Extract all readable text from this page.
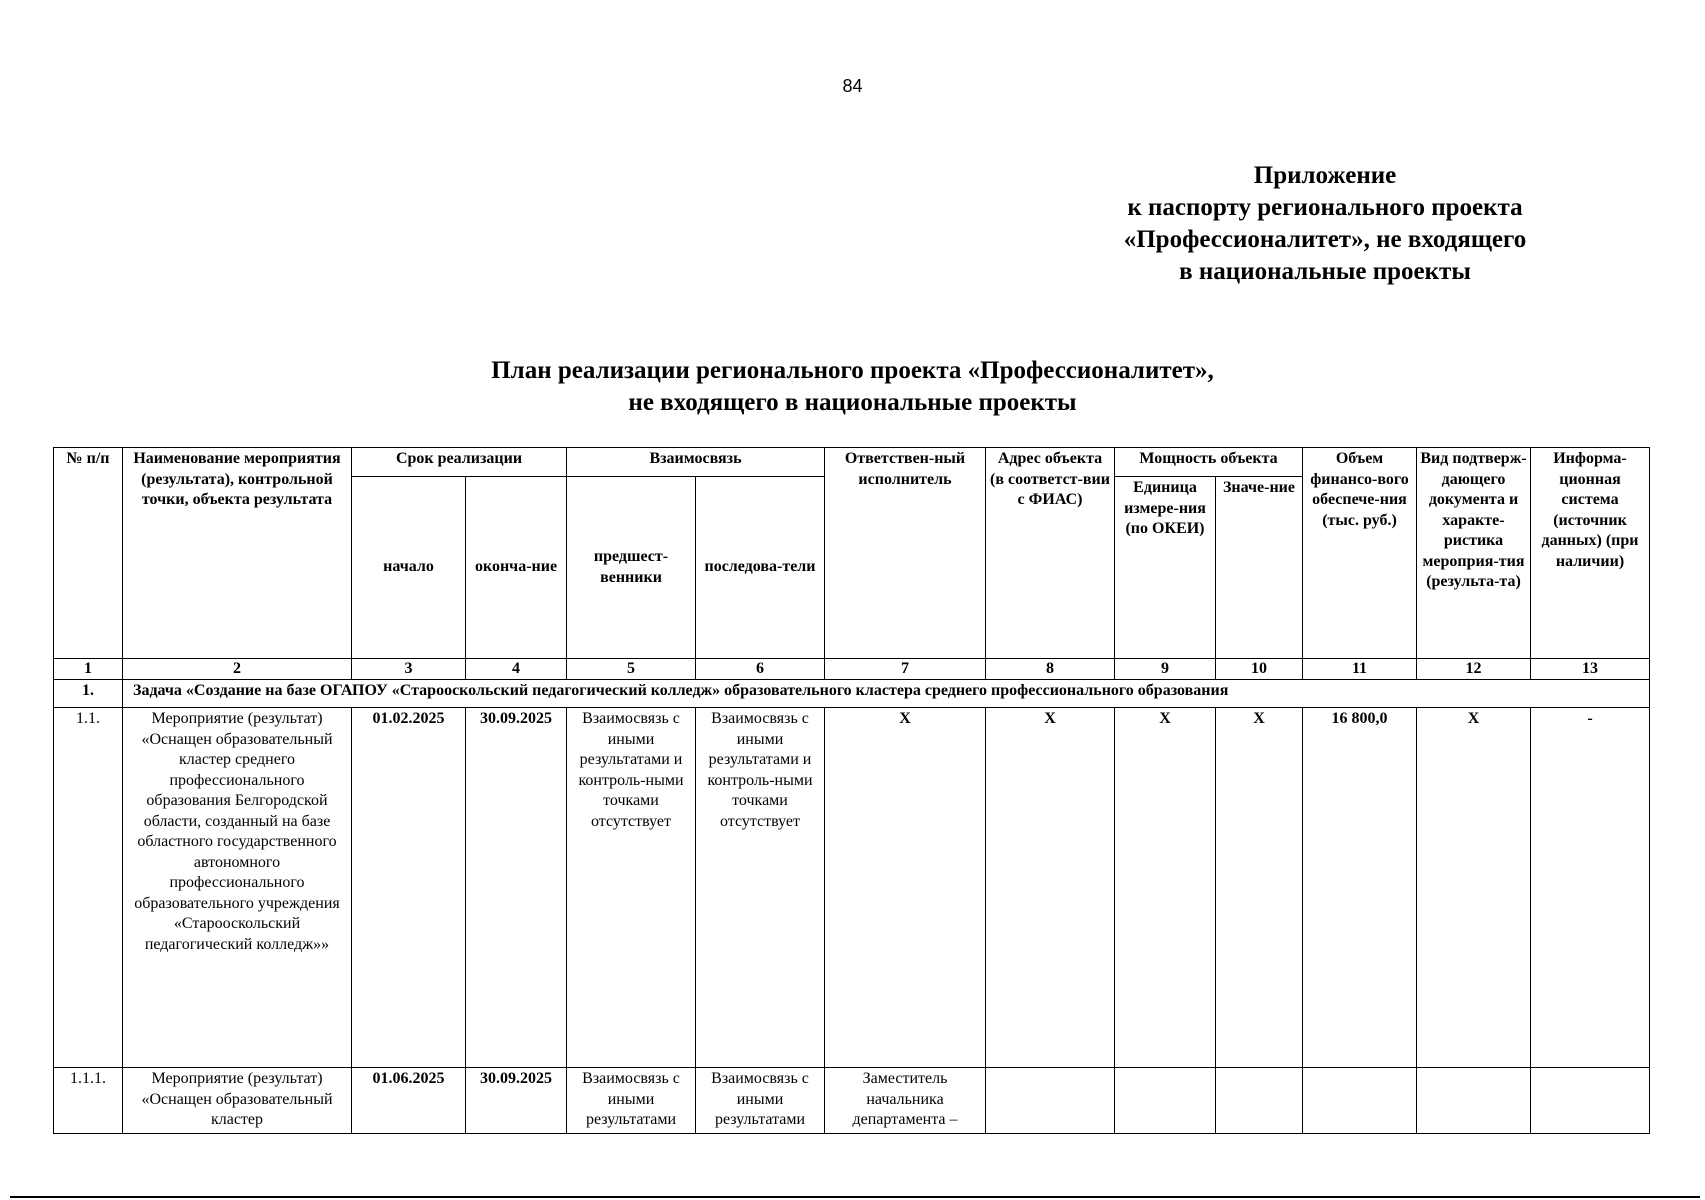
84
Приложение
к паспорту регионального проекта
«Профессионалитет», не входящего
в национальные проекты
План реализации регионального проекта «Профессионалитет»,
не входящего в национальные проекты
№ п/п	Наименование мероприятия (результата), контрольной точки, объекта результата	Срок реализации		Взаимосвязь		Ответствен-ный исполнитель	Адрес объекта (в соответст-вии с ФИАС)	Мощность объекта		Объем финансо-вого обеспече-ния (тыс. руб.)	Вид подтверж-дающего документа и характе-ристика мероприя-тия (результа-та)	Информа-ционная система (источник данных) (при наличии)
		начало	оконча-ние	предшест-венники	последова-тели			Единица измере-ния (по ОКЕИ)	Значе-ние			
1	2	3	4	5	6	7	8	9	10	11	12	13
1.	Задача «Создание на базе ОГАПОУ «Старооскольский педагогический колледж» образовательного кластера среднего профессионального образования											
1.1.	Мероприятие (результат) «Оснащен образовательный кластер среднего профессионального образования Белгородской области, созданный на базе областного государственного автономного профессионального образовательного учреждения «Старооскольский педагогический колледж»»	01.02.2025	30.09.2025	Взаимосвязь с иными результатами и контроль-ными точками отсутствует	Взаимосвязь с иными результатами и контроль-ными точками отсутствует	X	X	X	X	16 800,0	X	-
1.1.1.	Мероприятие (результат) «Оснащен образовательный кластер	01.06.2025	30.09.2025	Взаимосвязь с иными результатами	Взаимосвязь с иными результатами	Заместитель начальника департамента –						
